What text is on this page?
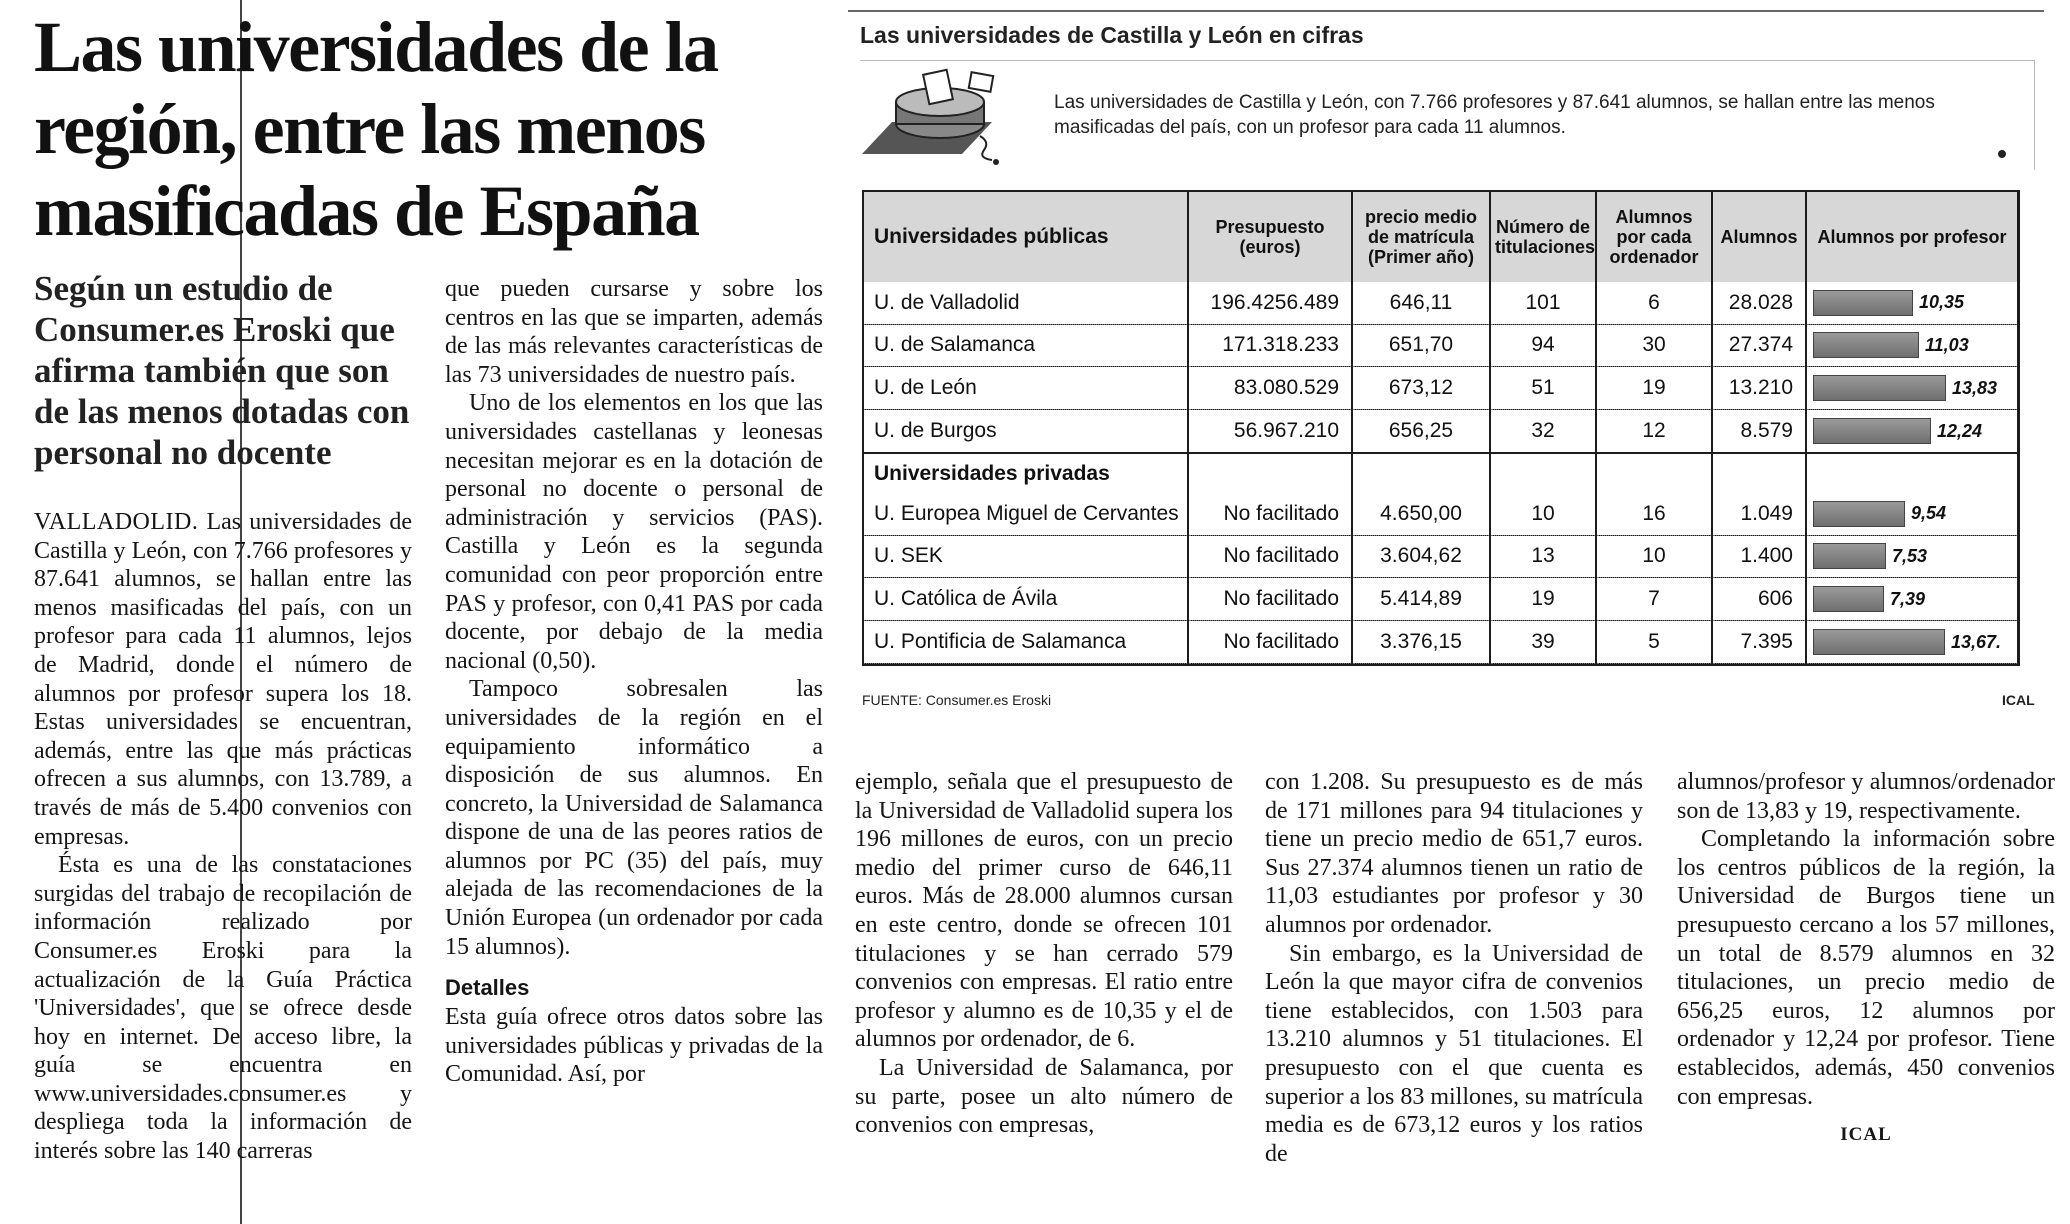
Las universidades de la región, entre las menos masificadas de España
Según un estudio de Consumer.es Eroski que afirma también que son de las menos dotadas con personal no docente

VALLADOLID. Las universidades de Castilla y León, con 7.766 profesores y 87.641 alumnos, se hallan entre las menos masificadas del país, con un profesor para cada 11 alumnos, lejos de Madrid, donde el número de alumnos por profesor supera los 18. Estas universidades se encuentran, además, entre las que más prácticas ofrecen a sus alumnos, con 13.789, a través de más de 5.400 convenios con empresas.

Ésta es una de las constataciones surgidas del trabajo de recopilación de información realizado por Consumer.es Eroski para la actualización de la Guía Práctica 'Universidades', que se ofrece desde hoy en internet. De acceso libre, la guía se encuentra en www.universidades.consumer.es y despliega toda la información de interés sobre las 140 carreras

que pueden cursarse y sobre los centros en las que se imparten, además de las más relevantes características de las 73 universidades de nuestro país.

Uno de los elementos en los que las universidades castellanas y leonesas necesitan mejorar es en la dotación de personal no docente o personal de administración y servicios (PAS). Castilla y León es la segunda comunidad con peor proporción entre PAS y profesor, con 0,41 PAS por cada docente, por debajo de la media nacional (0,50).

Tampoco sobresalen las universidades de la región en el equipamiento informático a disposición de sus alumnos. En concreto, la Universidad de Salamanca dispone de una de las peores ratios de alumnos por PC (35) del país, muy alejada de las recomendaciones de la Unión Europea (un ordenador por cada 15 alumnos).

Detalles

Esta guía ofrece otros datos sobre las universidades públicas y privadas de la Comunidad. Así, por

ejemplo, señala que el presupuesto de la Universidad de Valladolid supera los 196 millones de euros, con un precio medio del primer curso de 646,11 euros. Más de 28.000 alumnos cursan en este centro, donde se ofrecen 101 titulaciones y se han cerrado 579 convenios con empresas. El ratio entre profesor y alumno es de 10,35 y el de alumnos por ordenador, de 6.

La Universidad de Salamanca, por su parte, posee un alto número de convenios con empresas,

con 1.208. Su presupuesto es de más de 171 millones para 94 titulaciones y tiene un precio medio de 651,7 euros. Sus 27.374 alumnos tienen un ratio de 11,03 estudiantes por profesor y 30 alumnos por ordenador.

Sin embargo, es la Universidad de León la que mayor cifra de convenios tiene establecidos, con 1.503 para 13.210 alumnos y 51 titulaciones. El presupuesto con el que cuenta es superior a los 83 millones, su matrícula media es de 673,12 euros y los ratios de

alumnos/profesor y alumnos/ordenador son de 13,83 y 19, respectivamente.

Completando la información sobre los centros públicos de la región, la Universidad de Burgos tiene un presupuesto cercano a los 57 millones, un total de 8.579 alumnos en 32 titulaciones, un precio medio de 656,25 euros, 12 alumnos por ordenador y 12,24 por profesor. Tiene establecidos, además, 450 convenios con empresas.

ICAL
Las universidades de Castilla y León en cifras
Las universidades de Castilla y León, con 7.766 profesores y 87.641 alumnos, se hallan entre las menos masificadas del país, con un profesor para cada 11 alumnos.
Universidades públicas	Presupuesto (euros)	precio medio de matrícula (Primer año)	Número de titulaciones	Alumnos por cada ordenador	Alumnos	Alumnos por profesor
U. de Valladolid	196.4256.489	646,11	101	6	28.028	10,35
U. de Salamanca	171.318.233	651,70	94	30	27.374	11,03
U. de León	83.080.529	673,12	51	19	13.210	13,83
U. de Burgos	56.967.210	656,25	32	12	8.579	12,24
Universidades privadas						
U. Europea Miguel de Cervantes	No facilitado	4.650,00	10	16	1.049	9,54
U. SEK	No facilitado	3.604,62	13	10	1.400	7,53
U. Católica de Ávila	No facilitado	5.414,89	19	7	606	7,39
U. Pontificia de Salamanca	No facilitado	3.376,15	39	5	7.395	13,67.
FUENTE: Consumer.es Eroski	ICAL
